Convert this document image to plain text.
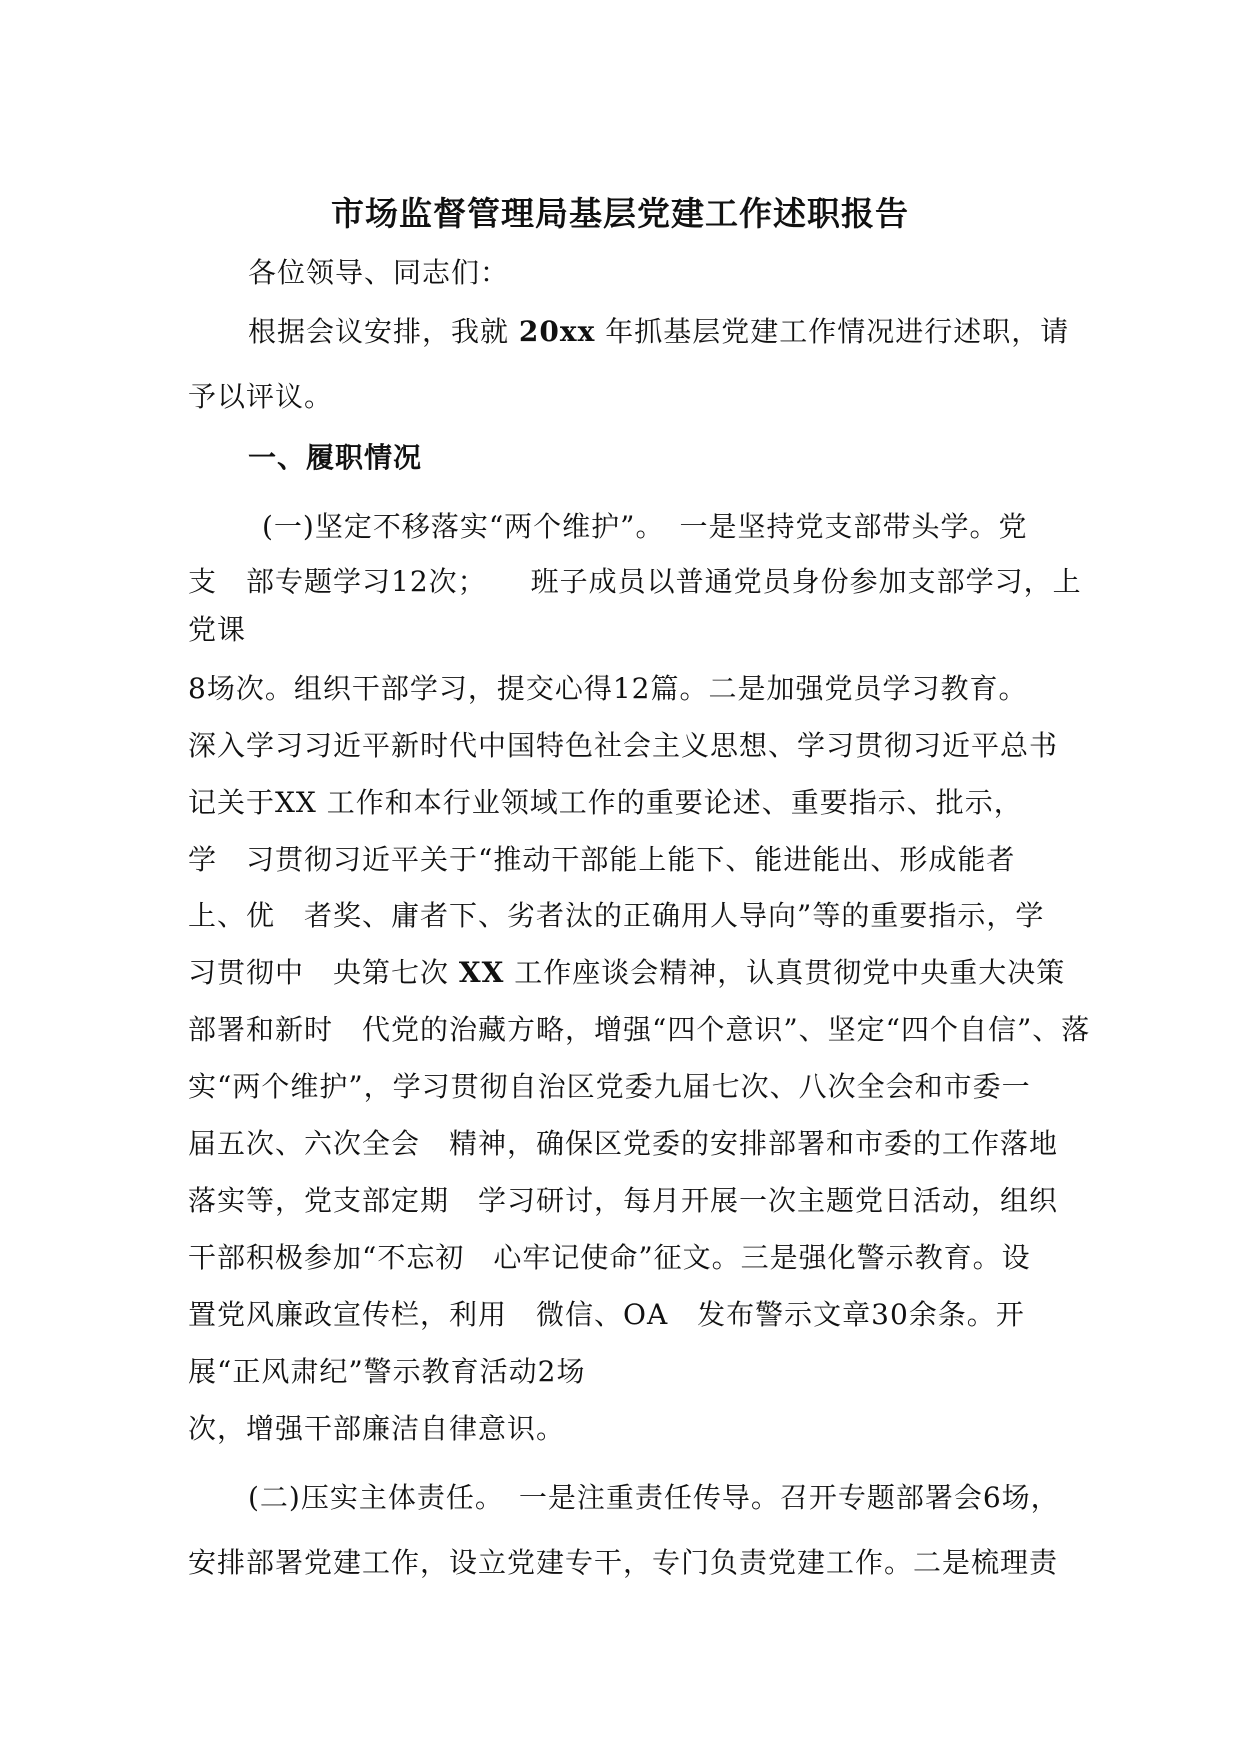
市场监督管理局基层党建工作述职报告
各位领导、同志们：
根据会议安排，我就 20xx 年抓基层党建工作情况进行述职，请
予以评议。
一、履职情况
(一)坚定不移落实“两个维护”。　一是坚持党支部带头学。党
支　部专题学习12次；　　班子成员以普通党员身份参加支部学习，上
党课
8场次。组织干部学习，提交心得12篇。二是加强党员学习教育。
深入学习习近平新时代中国特色社会主义思想、学习贯彻习近平总书
记关于XX 工作和本行业领域工作的重要论述、重要指示、批示，
学　习贯彻习近平关于“推动干部能上能下、能进能出、形成能者
上、优　者奖、庸者下、劣者汰的正确用人导向”等的重要指示，学
习贯彻中　央第七次 XX 工作座谈会精神，认真贯彻党中央重大决策
部署和新时　代党的治藏方略，增强“四个意识”、坚定“四个自信”、落
实“两个维护”，学习贯彻自治区党委九届七次、八次全会和市委一
届五次、六次全会　精神，确保区党委的安排部署和市委的工作落地
落实等，党支部定期　学习研讨，每月开展一次主题党日活动，组织
干部积极参加“不忘初　心牢记使命”征文。三是强化警示教育。设
置党风廉政宣传栏，利用　微信、OA　发布警示文章30余条。开
展“正风肃纪”警示教育活动2场
次，增强干部廉洁自律意识。
(二)压实主体责任。　一是注重责任传导。召开专题部署会6场，
安排部署党建工作，设立党建专干，专门负责党建工作。二是梳理责
